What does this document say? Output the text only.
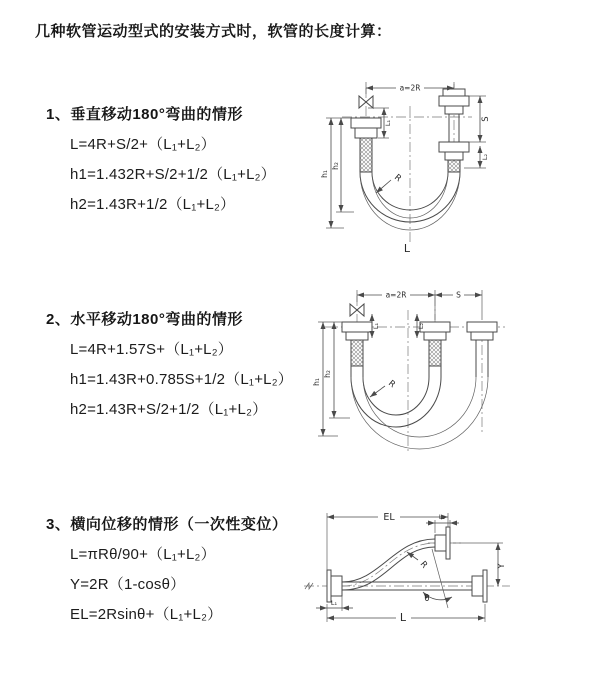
几种软管运动型式的安装方式时，软管的长度计算：
1、垂直移动180°弯曲的情形
L=4R+S/2+（L₁+L₂）
h1=1.432R+S/2+1/2（L₁+L₂）
h2=1.43R+1/2（L₁+L₂）
a=2R
S
L₂
L₁
h₁
h₂
R
L
2、水平移动180°弯曲的情形
L=4R+1.57S+（L₁+L₂）
h1=1.43R+0.785S+1/2（L₁+L₂）
h2=1.43R+S/2+1/2（L₁+L₂）
a=2R	S
L₁	L₂
h₁
h₂
R
3、横向位移的情形（一次性变位）
L=πRθ/90+（L₁+L₂）
Y=2R（1-cosθ）
EL=2Rsinθ+（L₁+L₂）
EL	L₂
Y
R
θ
L₁
L
